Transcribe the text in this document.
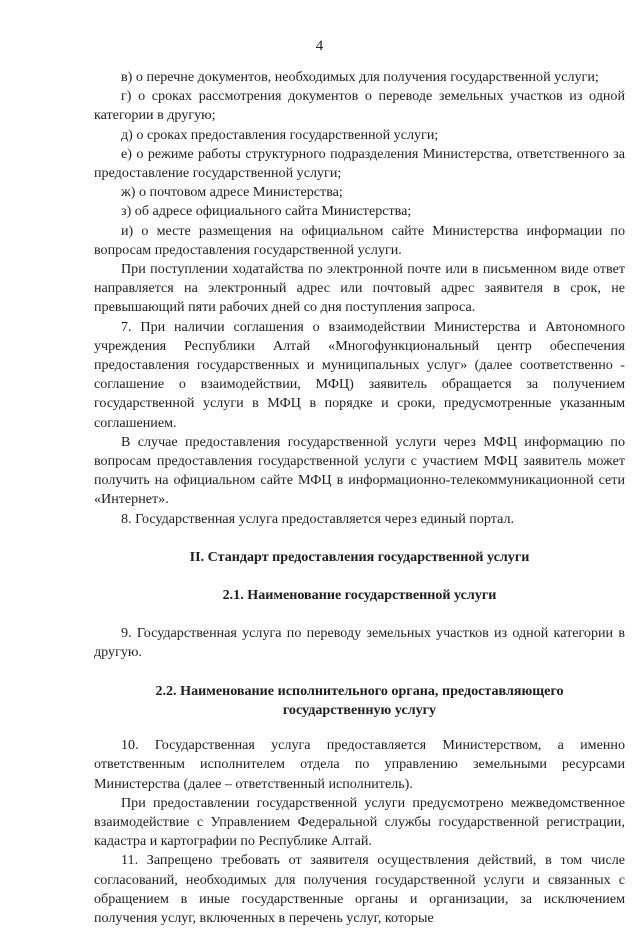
4

в) о перечне документов, необходимых для получения государственной услуги;

г) о сроках рассмотрения документов о переводе земельных участков из одной категории в другую;

д) о сроках предоставления государственной услуги;

е) о режиме работы структурного подразделения Министерства, ответственного за предоставление государственной услуги;

ж) о почтовом адресе Министерства;

з) об адресе официального сайта Министерства;

и) о месте размещения на официальном сайте Министерства информации по вопросам предоставления государственной услуги.

При поступлении ходатайства по электронной почте или в письменном виде ответ направляется на электронный адрес или почтовый адрес заявителя в срок, не превышающий пяти рабочих дней со дня поступления запроса.

7. При наличии соглашения о взаимодействии Министерства и Автономного учреждения Республики Алтай «Многофункциональный центр обеспечения предоставления государственных и муниципальных услуг» (далее соответственно - соглашение о взаимодействии, МФЦ) заявитель обращается за получением государственной услуги в МФЦ в порядке и сроки, предусмотренные указанным соглашением.

В случае предоставления государственной услуги через МФЦ информацию по вопросам предоставления государственной услуги с участием МФЦ заявитель может получить на официальном сайте МФЦ в информационно-телекоммуникационной сети «Интернет».

8. Государственная услуга предоставляется через единый портал.

II. Стандарт предоставления государственной услуги

2.1. Наименование государственной услуги

9. Государственная услуга по переводу земельных участков из одной категории в другую.

2.2. Наименование исполнительного органа, предоставляющего

государственную услугу

10. Государственная услуга предоставляется Министерством, а именно ответственным исполнителем отдела по управлению земельными ресурсами Министерства (далее – ответственный исполнитель).

При предоставлении государственной услуги предусмотрено межведомственное взаимодействие с Управлением Федеральной службы государственной регистрации, кадастра и картографии по Республике Алтай.

11. Запрещено требовать от заявителя осуществления действий, в том числе согласований, необходимых для получения государственной услуги и связанных с обращением в иные государственные органы и организации, за исключением получения услуг, включенных в перечень услуг, которые
